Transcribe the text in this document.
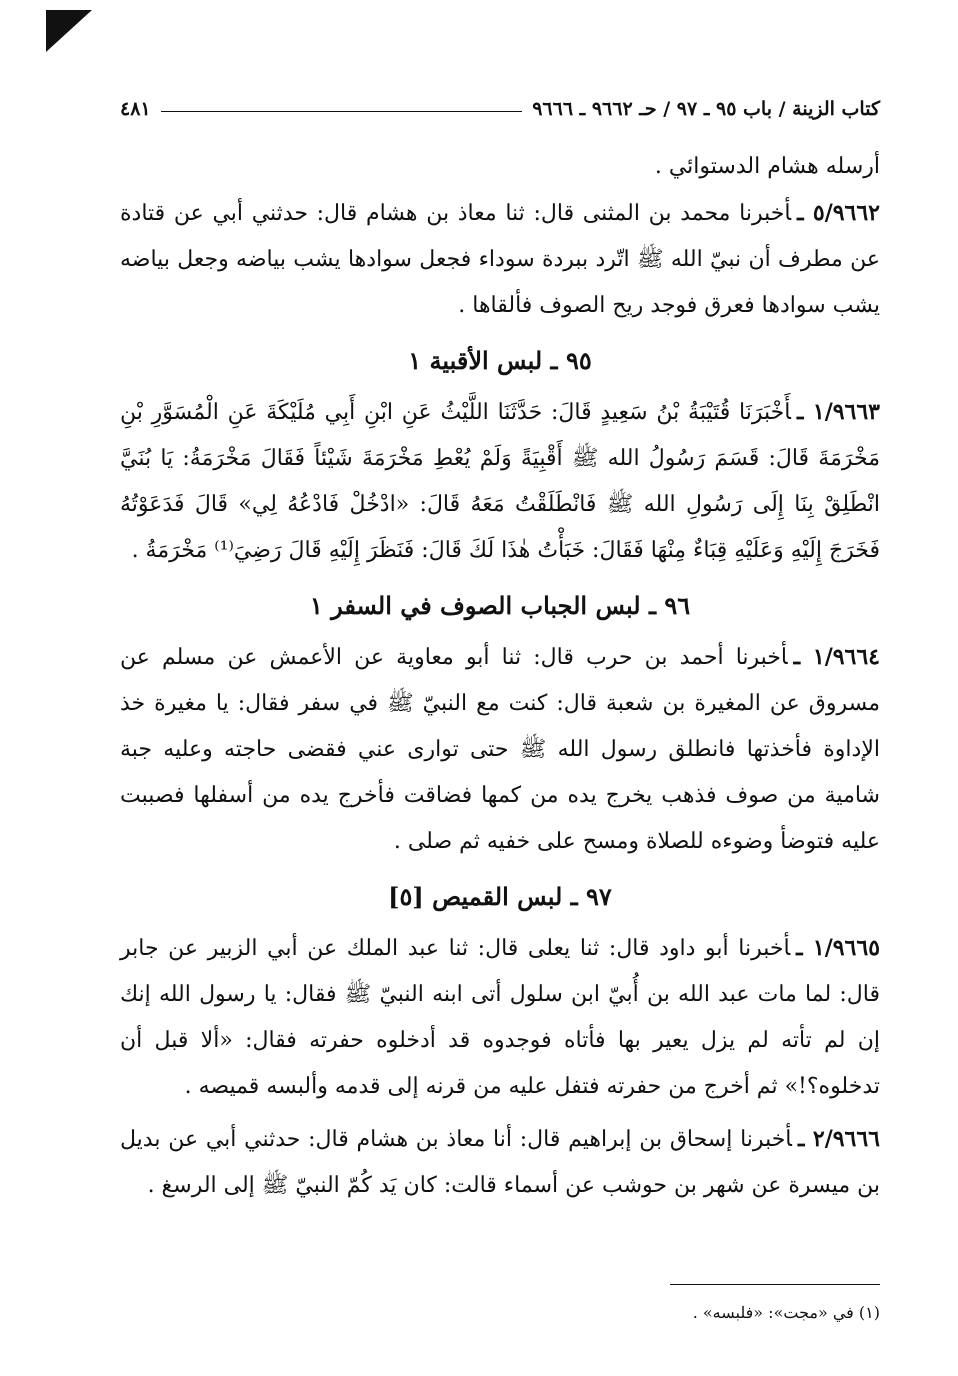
كتاب الزينة / باب ٩٥ ـ ٩٧ / حـ ٩٦٦٢ ـ ٩٦٦٦
٤٨١

أرسله هشام الدستوائي .

٥/٩٦٦٢ ـأخبرنا محمد بن المثنى قال: ثنا معاذ بن هشام قال: حدثني أبي عن قتادة عن مطرف أن نبيّ الله ﷺ اتّرد ببردة سوداء فجعل سوادها يشب بياضه وجعل بياضه يشب سوادها فعرق فوجد ريح الصوف فألقاها .

٩٥ ـ لبس الأقبية ١

١/٩٦٦٣ ـأَخْبَرَنَا قُتَيْبَةُ بْنُ سَعِيدٍ قَالَ: حَدَّثَنَا اللَّيْثُ عَنِ ابْنِ أَبِي مُلَيْكَةَ عَنِ الْمُسَوَّرِ بْنِ مَخْرَمَةَ قَالَ: قَسَمَ رَسُولُ الله ﷺ أَقْبِيَةً وَلَمْ يُعْطِ مَخْرَمَةَ شَيْئاً فَقَالَ مَخْرَمَةُ: يَا بُنَيَّ انْطَلِقْ بِنَا إِلَى رَسُولِ الله ﷺ فَانْطَلَقْتُ مَعَهُ قَالَ: «ادْخُلْ فَادْعُهُ لِي» قَالَ فَدَعَوْتُهُ فَخَرَجَ إِلَيْهِ وَعَلَيْهِ قِبَاءٌ مِنْهَا فَقَالَ: خَبَأْتُ هٰذَا لَكَ قَالَ: فَنَظَرَ إِلَيْهِ قَالَ رَضِيَ⁽¹⁾ مَخْرَمَةُ .

٩٦ ـ لبس الجباب الصوف في السفر ١

١/٩٦٦٤ ـأخبرنا أحمد بن حرب قال: ثنا أبو معاوية عن الأعمش عن مسلم عن مسروق عن المغيرة بن شعبة قال: كنت مع النبيّ ﷺ في سفر فقال: يا مغيرة خذ الإداوة فأخذتها فانطلق رسول الله ﷺ حتى توارى عني فقضى حاجته وعليه جبة شامية من صوف فذهب يخرج يده من كمها فضاقت فأخرج يده من أسفلها فصببت عليه فتوضأ وضوءه للصلاة ومسح على خفيه ثم صلى .

٩٧ ـ لبس القميص [٥]

١/٩٦٦٥ ـأخبرنا أبو داود قال: ثنا يعلى قال: ثنا عبد الملك عن أبي الزبير عن جابر قال: لما مات عبد الله بن أُبيّ ابن سلول أتى ابنه النبيّ ﷺ فقال: يا رسول الله إنك إن لم تأته لم يزل يعير بها فأتاه فوجدوه قد أدخلوه حفرته فقال: «ألا قبل أن تدخلوه؟!» ثم أخرج من حفرته فتفل عليه من قرنه إلى قدمه وألبسه قميصه .

٢/٩٦٦٦ ـأخبرنا إسحاق بن إبراهيم قال: أنا معاذ بن هشام قال: حدثني أبي عن بديل بن ميسرة عن شهر بن حوشب عن أسماء قالت: كان يَد كُمّ النبيّ ﷺ إلى الرسغ .

(١) في «مجت»: «فلبسه» .
